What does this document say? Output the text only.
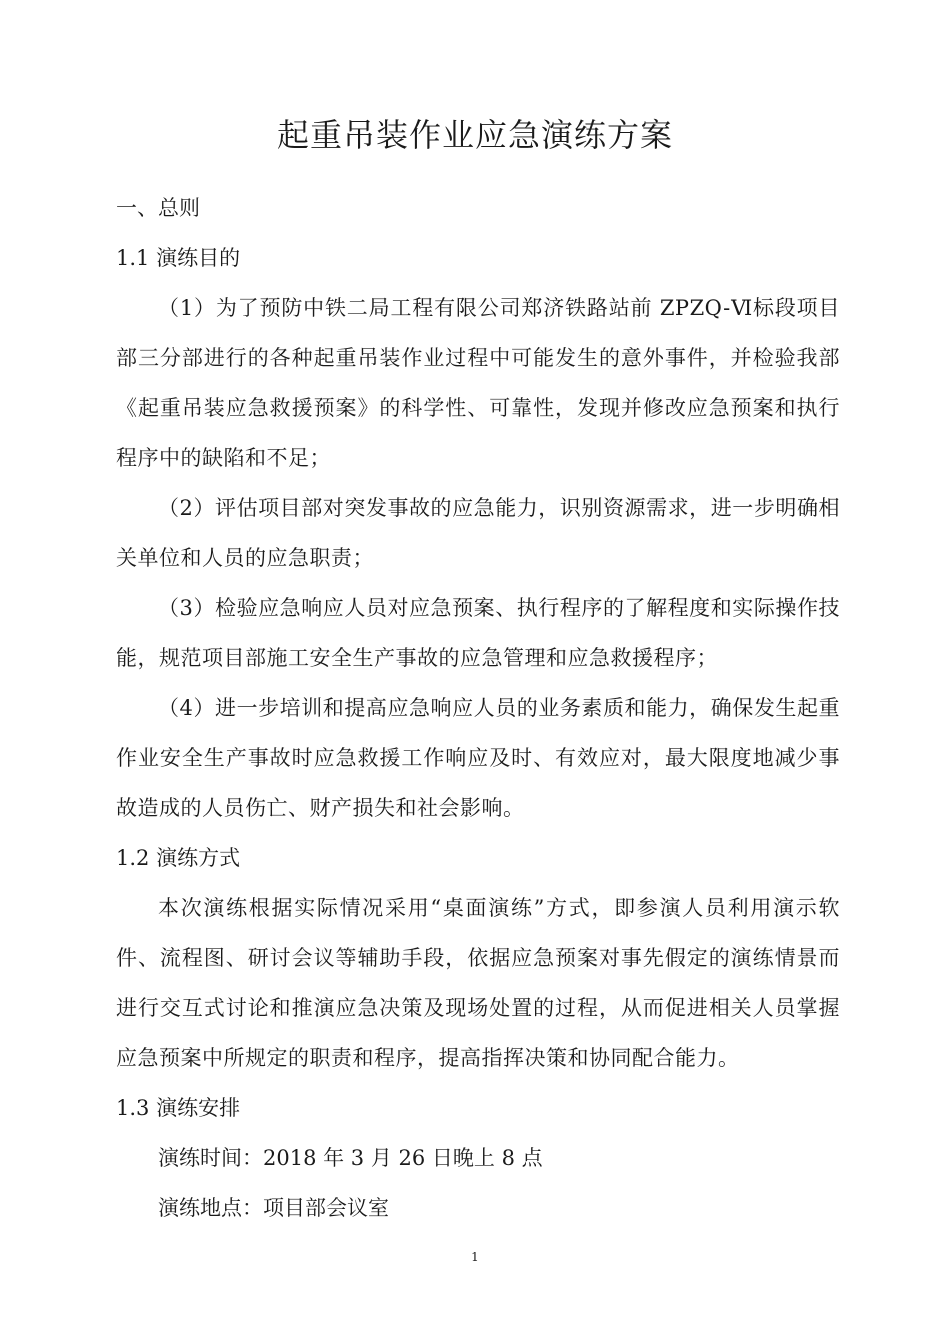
起重吊装作业应急演练方案
一、总则
1.1 演练目的

（1）为了预防中铁二局工程有限公司郑济铁路站前 ZPZQ-Ⅵ标段项目部三分部进行的各种起重吊装作业过程中可能发生的意外事件，并检验我部《起重吊装应急救援预案》的科学性、可靠性，发现并修改应急预案和执行程序中的缺陷和不足；

（2）评估项目部对突发事故的应急能力，识别资源需求，进一步明确相关单位和人员的应急职责；

（3）检验应急响应人员对应急预案、执行程序的了解程度和实际操作技能，规范项目部施工安全生产事故的应急管理和应急救援程序；

（4）进一步培训和提高应急响应人员的业务素质和能力，确保发生起重作业安全生产事故时应急救援工作响应及时、有效应对，最大限度地减少事故造成的人员伤亡、财产损失和社会影响。

1.2 演练方式

本次演练根据实际情况采用“桌面演练”方式，即参演人员利用演示软件、流程图、研讨会议等辅助手段，依据应急预案对事先假定的演练情景而进行交互式讨论和推演应急决策及现场处置的过程，从而促进相关人员掌握应急预案中所规定的职责和程序，提高指挥决策和协同配合能力。

1.3 演练安排

演练时间：2018 年 3 月 26 日晚上 8 点

演练地点：项目部会议室

1
